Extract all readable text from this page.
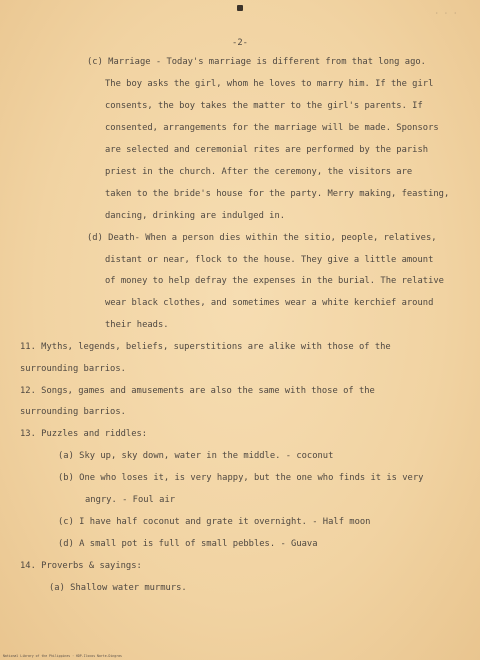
· · ·
-2-
(c) Marriage - Today's marriage is different from that long ago.
The boy asks the girl, whom he loves to marry him. If the girl
consents, the boy takes the matter to the girl's parents. If
consented, arrangements for the marriage will be made. Sponsors
are selected and ceremonial rites are performed by the parish
priest in the church. After the ceremony, the visitors are
taken to the bride's house for the party. Merry making, feasting,
dancing, drinking are indulged in.
(d) Death- When a person dies within the sitio, people, relatives,
distant or near, flock to the house. They give a little amount
of money to help defray the expenses in the burial. The relative
wear black clothes, and sometimes wear a white kerchief around
their heads.
11. Myths, legends, beliefs, superstitions are alike with those of the
surrounding barrios.
12. Songs, games and amusements are also the same with those of the
surrounding barrios.
13. Puzzles and riddles:
(a) Sky up, sky down, water in the middle. - coconut
(b) One who loses it, is very happy, but the one who finds it is very
angry. - Foul air
(c) I have half coconut and grate it overnight. - Half moon
(d) A small pot is full of small pebbles. - Guava
14. Proverbs & sayings:
(a) Shallow water murmurs.
National Library of the Philippines · HDP-Ilocos Norte-Dingras
